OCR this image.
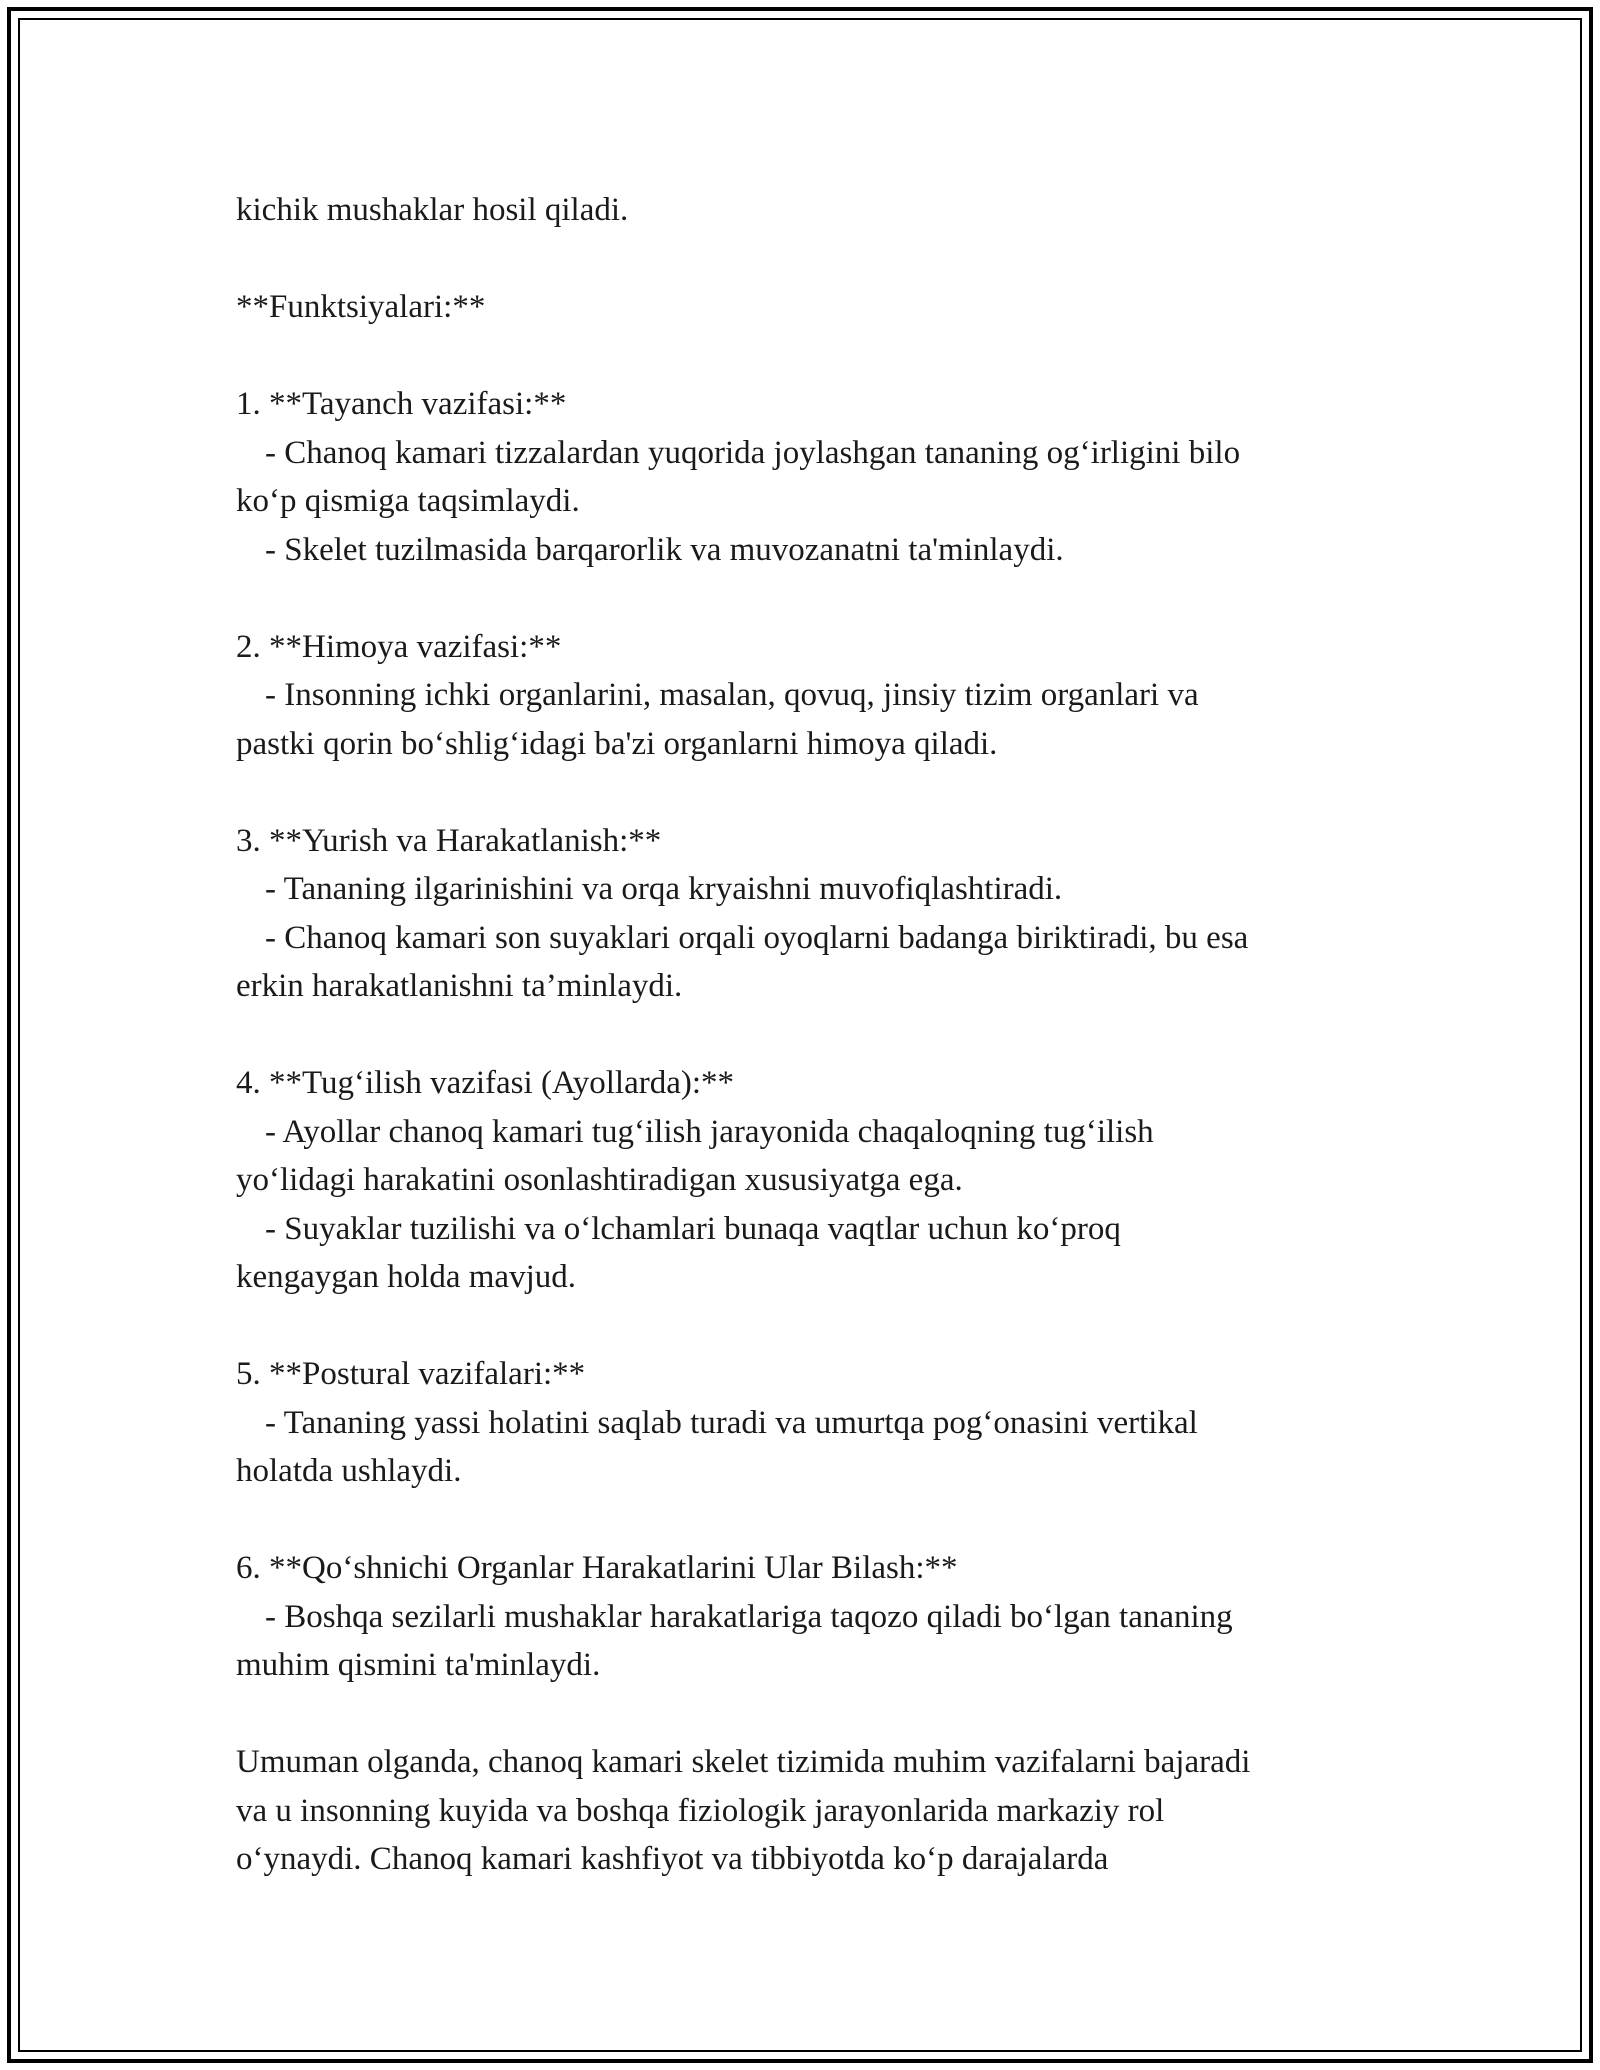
kichik mushaklar hosil qiladi.

**Funktsiyalari:**

1. **Tayanch vazifasi:**

- Chanoq kamari tizzalardan yuqorida joylashgan tananing og‘irligini bilo

ko‘p qismiga taqsimlaydi.

- Skelet tuzilmasida barqarorlik va muvozanatni ta'minlaydi.

2. **Himoya vazifasi:**

- Insonning ichki organlarini, masalan, qovuq, jinsiy tizim organlari va

pastki qorin bo‘shlig‘idagi ba'zi organlarni himoya qiladi.

3. **Yurish va Harakatlanish:**

- Tananing ilgarinishini va orqa kryaishni muvofiqlashtiradi.

- Chanoq kamari son suyaklari orqali oyoqlarni badanga biriktiradi, bu esa

erkin harakatlanishni ta’minlaydi.

4. **Tug‘ilish vazifasi (Ayollarda):**

- Ayollar chanoq kamari tug‘ilish jarayonida chaqaloqning tug‘ilish

yo‘lidagi harakatini osonlashtiradigan xususiyatga ega.

- Suyaklar tuzilishi va o‘lchamlari bunaqa vaqtlar uchun ko‘proq

kengaygan holda mavjud.

5. **Postural vazifalari:**

- Tananing yassi holatini saqlab turadi va umurtqa pog‘onasini vertikal

holatda ushlaydi.

6. **Qo‘shnichi Organlar Harakatlarini Ular Bilash:**

- Boshqa sezilarli mushaklar harakatlariga taqozo qiladi bo‘lgan tananing

muhim qismini ta'minlaydi.

Umuman olganda, chanoq kamari skelet tizimida muhim vazifalarni bajaradi

va u insonning kuyida va boshqa fiziologik jarayonlarida markaziy rol

o‘ynaydi. Chanoq kamari kashfiyot va tibbiyotda ko‘p darajalarda
